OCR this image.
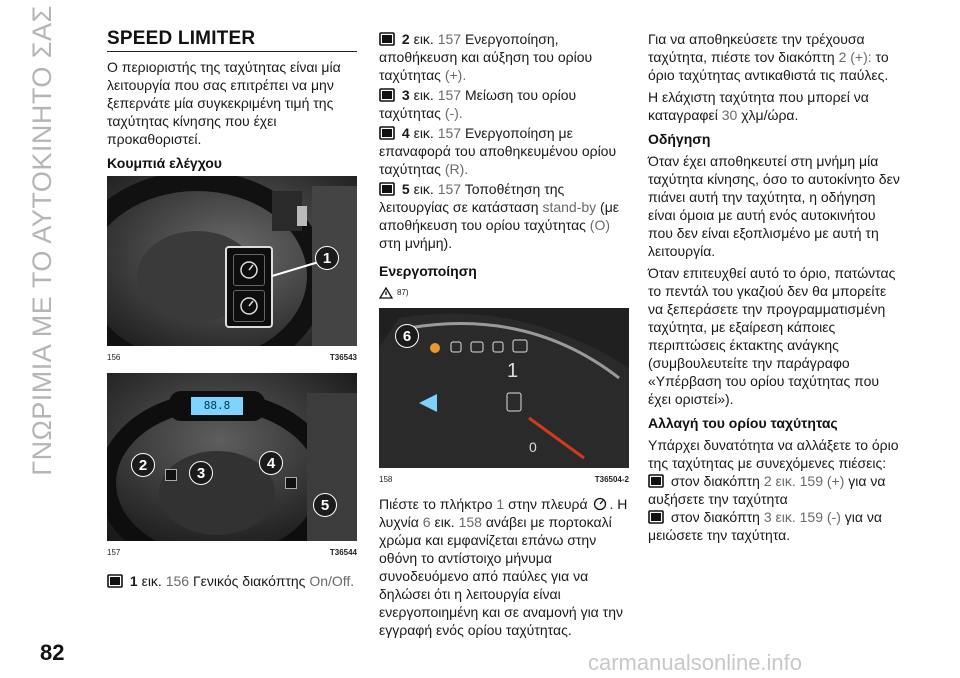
ΓΝΩΡΙΜΙΑ ΜΕ ΤΟ ΑΥΤΟΚΙΝΗΤΟ ΣΑΣ	SPEED LIMITER

Ο περιοριστής της ταχύτητας είναι μία λειτουργία που σας επιτρέπει να μην ξεπερνάτε μία συγκεκριμένη τιμή της ταχύτητας κίνησης που έχει προκαθοριστεί.

Κουμπιά ελέγχου
1
156	T36543
88.8
2	3
4
5
157	T36544

1 εικ. 156 Γενικός διακόπτης On/Off.

2 εικ. 157 Ενεργοποίηση, αποθήκευση και αύξηση του ορίου ταχύτητας (+).

3 εικ. 157 Μείωση του ορίου ταχύτητας (-).

4 εικ. 157 Ενεργοποίηση με επαναφορά του αποθηκευμένου ορίου ταχύτητας (R).

5 εικ. 157 Τοποθέτηση της λειτουργίας σε κατάσταση stand-by (με αποθήκευση του ορίου ταχύτητας (O) στη μνήμη).

Ενεργοποίηση
87)
1
0
6
158	T36504-2

Πιέστε το πλήκτρο 1 στην πλευρά . Η λυχνία 6 εικ. 158 ανάβει με πορτοκαλί χρώμα και εμφανίζεται επάνω στην οθόνη το αντίστοιχο μήνυμα συνοδευόμενο από παύλες για να δηλώσει ότι η λειτουργία είναι ενεργοποιημένη και σε αναμονή για την εγγραφή ενός ορίου ταχύτητας.

Για να αποθηκεύσετε την τρέχουσα ταχύτητα, πιέστε τον διακόπτη 2 (+): το όριο ταχύτητας αντικαθιστά τις παύλες.

Η ελάχιστη ταχύτητα που μπορεί να καταγραφεί 30 χλμ/ώρα.

Οδήγηση

Όταν έχει αποθηκευτεί στη μνήμη μία ταχύτητα κίνησης, όσο το αυτοκίνητο δεν πιάνει αυτή την ταχύτητα, η οδήγηση είναι όμοια με αυτή ενός αυτοκινήτου που δεν είναι εξοπλισμένο με αυτή τη λειτουργία.

Όταν επιτευχθεί αυτό το όριο, πατώντας το πεντάλ του γκαζιού δεν θα μπορείτε να ξεπεράσετε την προγραμματισμένη ταχύτητα, με εξαίρεση κάποιες περιπτώσεις έκτακτης ανάγκης (συμβουλευτείτε την παράγραφο «Υπέρβαση του ορίου ταχύτητας που έχει οριστεί»).

Αλλαγή του ορίου ταχύτητας

Υπάρχει δυνατότητα να αλλάξετε το όριο της ταχύτητας με συνεχόμενες πιέσεις:

στον διακόπτη 2 εικ. 159 (+) για να αυξήσετε την ταχύτητα

στον διακόπτη 3 εικ. 159 (-) για να μειώσετε την ταχύτητα.

82	carmanualsonline.info
